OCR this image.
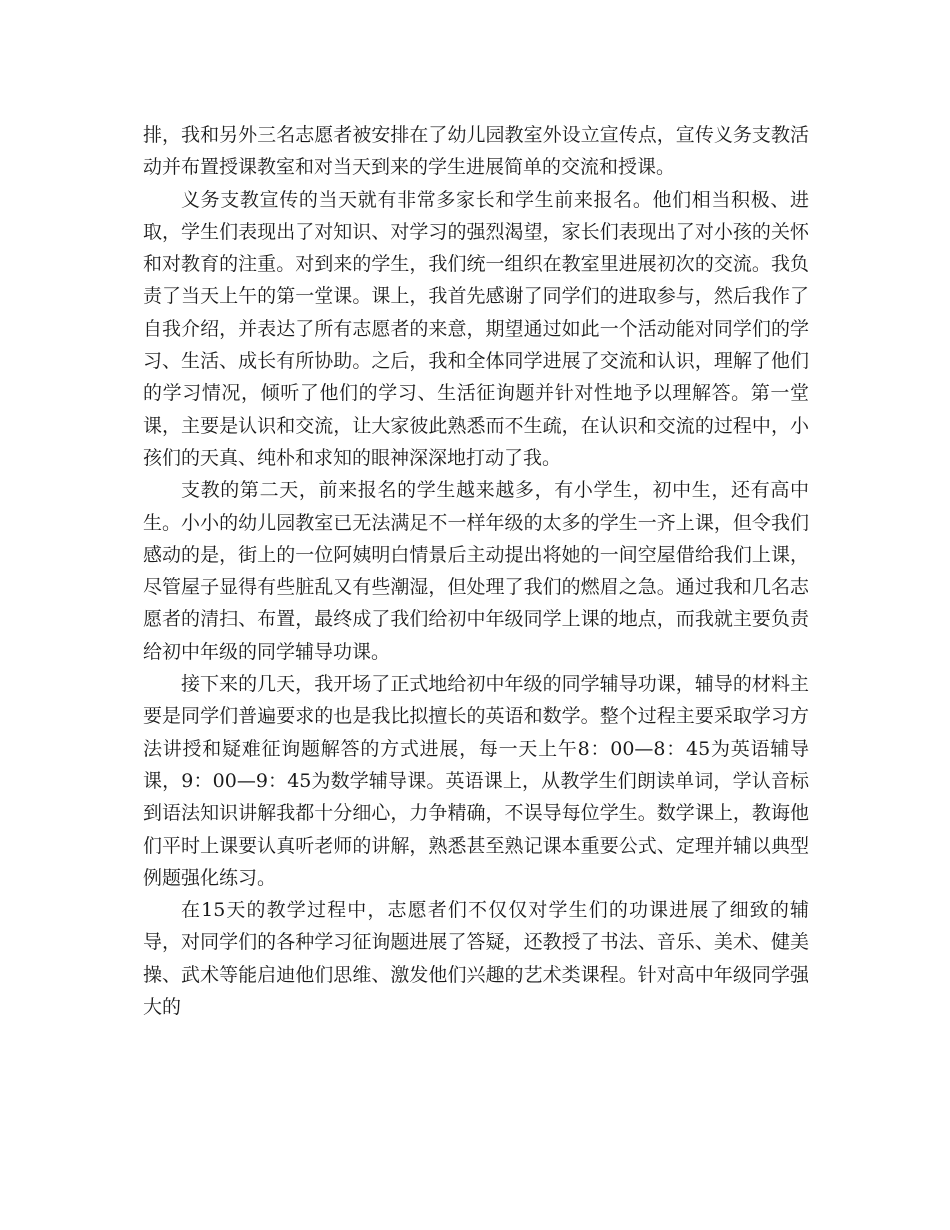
排，我和另外三名志愿者被安排在了幼儿园教室外设立宣传点，宣传义务支教活动并布置授课教室和对当天到来的学生进展简单的交流和授课。

义务支教宣传的当天就有非常多家长和学生前来报名。他们相当积极、进取，学生们表现出了对知识、对学习的强烈渴望，家长们表现出了对小孩的关怀和对教育的注重。对到来的学生，我们统一组织在教室里进展初次的交流。我负责了当天上午的第一堂课。课上，我首先感谢了同学们的进取参与，然后我作了自我介绍，并表达了所有志愿者的来意，期望通过如此一个活动能对同学们的学习、生活、成长有所协助。之后，我和全体同学进展了交流和认识，理解了他们的学习情况，倾听了他们的学习、生活征询题并针对性地予以理解答。第一堂课，主要是认识和交流，让大家彼此熟悉而不生疏，在认识和交流的过程中，小孩们的天真、纯朴和求知的眼神深深地打动了我。

支教的第二天，前来报名的学生越来越多，有小学生，初中生，还有高中生。小小的幼儿园教室已无法满足不一样年级的太多的学生一齐上课，但令我们感动的是，街上的一位阿姨明白情景后主动提出将她的一间空屋借给我们上课，尽管屋子显得有些脏乱又有些潮湿，但处理了我们的燃眉之急。通过我和几名志愿者的清扫、布置，最终成了我们给初中年级同学上课的地点，而我就主要负责给初中年级的同学辅导功课。

接下来的几天，我开场了正式地给初中年级的同学辅导功课，辅导的材料主要是同学们普遍要求的也是我比拟擅长的英语和数学。整个过程主要采取学习方法讲授和疑难征询题解答的方式进展，每一天上午8：00—8：45为英语辅导课，9：00—9：45为数学辅导课。英语课上，从教学生们朗读单词，学认音标到语法知识讲解我都十分细心，力争精确，不误导每位学生。数学课上，教诲他们平时上课要认真听老师的讲解，熟悉甚至熟记课本重要公式、定理并辅以典型例题强化练习。

在15天的教学过程中，志愿者们不仅仅对学生们的功课进展了细致的辅导，对同学们的各种学习征询题进展了答疑，还教授了书法、音乐、美术、健美操、武术等能启迪他们思维、激发他们兴趣的艺术类课程。针对高中年级同学强大的
